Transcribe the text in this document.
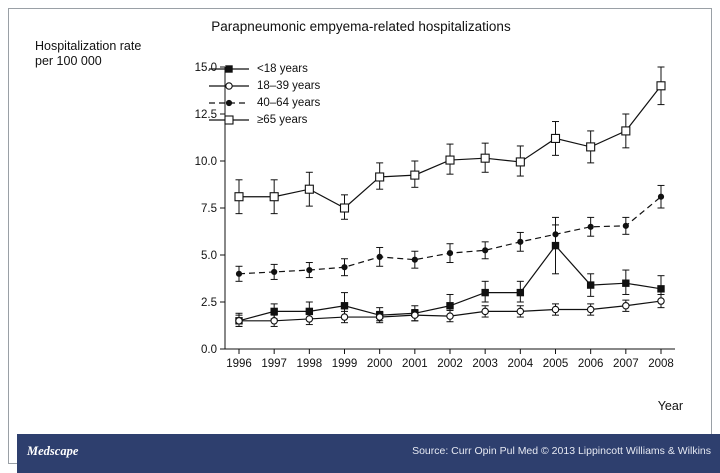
Parapneumonic empyema-related hospitalizations
Hospitalization rate per 100 000
Year
0.0
2.5
5.0
7.5
10.0
12.5
15.0
1996 1997 1998 1999 2000 2001 2002 2003 2004 2005 2006 2007 2008
<18 years
18–39 years
40–64 years
≥65 years
Medscape	Source: Curr Opin Pul Med © 2013 Lippincott Williams & Wilkins
